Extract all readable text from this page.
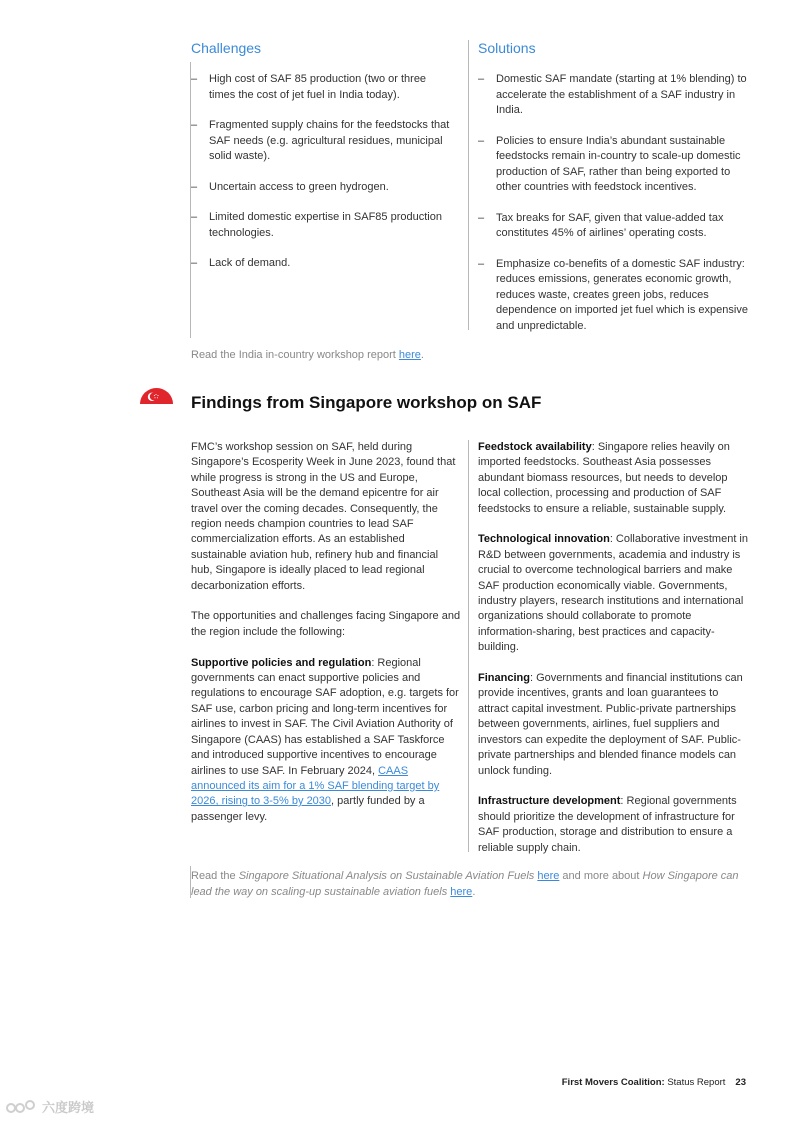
Challenges
– High cost of SAF 85 production (two or three times the cost of jet fuel in India today).
– Fragmented supply chains for the feedstocks that SAF needs (e.g. agricultural residues, municipal solid waste).
– Uncertain access to green hydrogen.
– Limited domestic expertise in SAF85 production technologies.
– Lack of demand.
Solutions
– Domestic SAF mandate (starting at 1% blending) to accelerate the establishment of a SAF industry in India.
– Policies to ensure India’s abundant sustainable feedstocks remain in-country to scale-up domestic production of SAF, rather than being exported to other countries with feedstock incentives.
– Tax breaks for SAF, given that value-added tax constitutes 45% of airlines’ operating costs.
– Emphasize co-benefits of a domestic SAF industry: reduces emissions, generates economic growth, reduces waste, creates green jobs, reduces dependence on imported jet fuel which is expensive and unpredictable.
Read the India in-country workshop report here.
Findings from Singapore workshop on SAF

FMC’s workshop session on SAF, held during Singapore’s Ecosperity Week in June 2023, found that while progress is strong in the US and Europe, Southeast Asia will be the demand epicentre for air travel over the coming decades. Consequently, the region needs champion countries to lead SAF commercialization efforts. As an established sustainable aviation hub, refinery hub and financial hub, Singapore is ideally placed to lead regional decarbonization efforts.

The opportunities and challenges facing Singapore and the region include the following:

Supportive policies and regulation: Regional governments can enact supportive policies and regulations to encourage SAF adoption, e.g. targets for SAF use, carbon pricing and long-term incentives for airlines to invest in SAF. The Civil Aviation Authority of Singapore (CAAS) has established a SAF Taskforce and introduced supportive incentives to encourage airlines to use SAF. In February 2024, CAAS announced its aim for a 1% SAF blending target by 2026, rising to 3-5% by 2030, partly funded by a passenger levy.

Feedstock availability: Singapore relies heavily on imported feedstocks. Southeast Asia possesses abundant biomass resources, but needs to develop local collection, processing and production of SAF feedstocks to ensure a reliable, sustainable supply.

Technological innovation: Collaborative investment in R&D between governments, academia and industry is crucial to overcome technological barriers and make SAF production economically viable. Governments, industry players, research institutions and international organizations should collaborate to promote information-sharing, best practices and capacity-building.

Financing: Governments and financial institutions can provide incentives, grants and loan guarantees to attract capital investment. Public-private partnerships between governments, airlines, fuel suppliers and investors can expedite the deployment of SAF. Public-private partnerships and blended finance models can unlock funding.

Infrastructure development: Regional governments should prioritize the development of infrastructure for SAF production, storage and distribution to ensure a reliable supply chain.

Read the Singapore Situational Analysis on Sustainable Aviation Fuels here and more about How Singapore can lead the way on scaling-up sustainable aviation fuels here.
First Movers Coalition: Status Report 23
六度跨境
